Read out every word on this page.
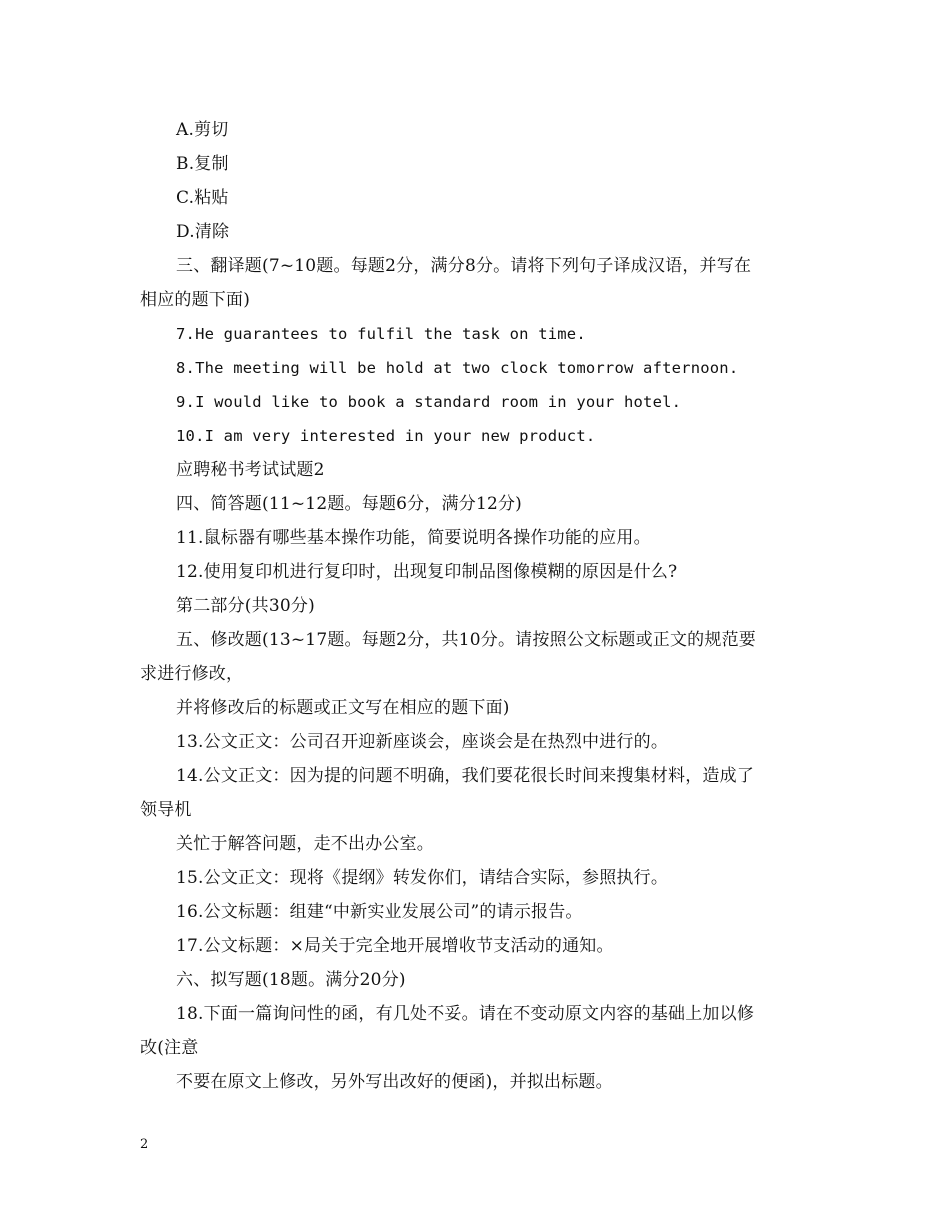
A.剪切
B.复制
C.粘贴
D.清除
三、翻译题(7~10题。每题2分，满分8分。请将下列句子译成汉语，并写在
相应的题下面)
7.He guarantees to fulfil the task on time.
8.The meeting will be hold at two clock tomorrow afternoon.
9.I would like to book a standard room in your hotel.
10.I am very interested in your new product.
应聘秘书考试试题2
四、简答题(11~12题。每题6分，满分12分)
11.鼠标器有哪些基本操作功能，简要说明各操作功能的应用。
12.使用复印机进行复印时，出现复印制品图像模糊的原因是什么?
第二部分(共30分)
五、修改题(13~17题。每题2分，共10分。请按照公文标题或正文的规范要
求进行修改，
并将修改后的标题或正文写在相应的题下面)
13.公文正文：公司召开迎新座谈会，座谈会是在热烈中进行的。
14.公文正文：因为提的问题不明确，我们要花很长时间来搜集材料，造成了
领导机
关忙于解答问题，走不出办公室。
15.公文正文：现将《提纲》转发你们，请结合实际，参照执行。
16.公文标题：组建“中新实业发展公司”的请示报告。
17.公文标题：×局关于完全地开展增收节支活动的通知。
六、拟写题(18题。满分20分)
18.下面一篇询问性的函，有几处不妥。请在不变动原文内容的基础上加以修
改(注意
不要在原文上修改，另外写出改好的便函)，并拟出标题。
2
